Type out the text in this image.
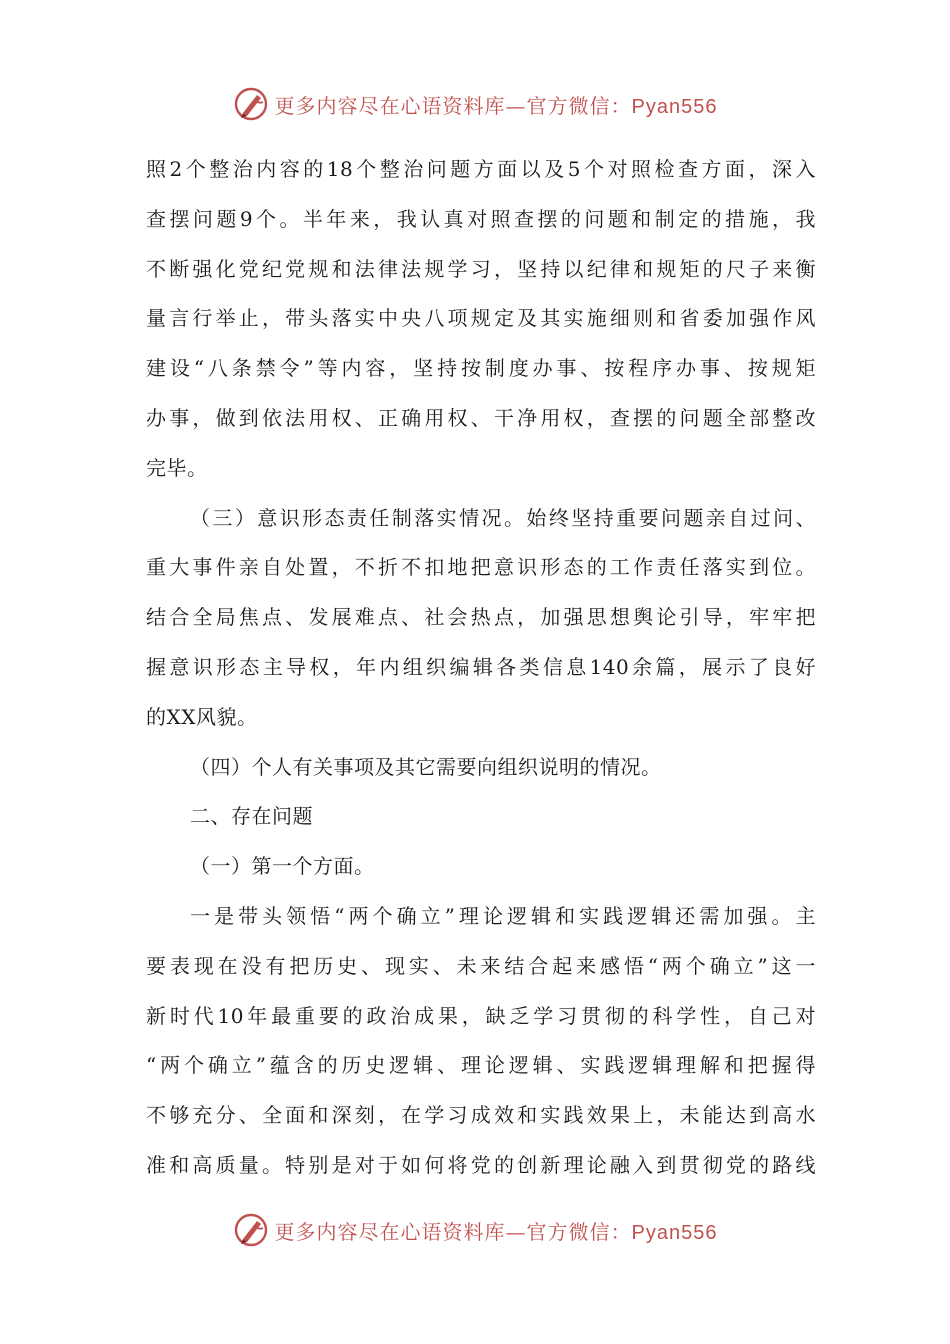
更多内容尽在心语资料库—官方微信：Pyan556
照2个整治内容的18个整治问题方面以及5个对照检查方面，深入
查摆问题9个。半年来，我认真对照查摆的问题和制定的措施，我
不断强化党纪党规和法律法规学习，坚持以纪律和规矩的尺子来衡
量言行举止，带头落实中央八项规定及其实施细则和省委加强作风
建设“八条禁令”等内容，坚持按制度办事、按程序办事、按规矩
办事，做到依法用权、正确用权、干净用权，查摆的问题全部整改
完毕。
（三）意识形态责任制落实情况。始终坚持重要问题亲自过问、
重大事件亲自处置，不折不扣地把意识形态的工作责任落实到位。
结合全局焦点、发展难点、社会热点，加强思想舆论引导，牢牢把
握意识形态主导权，年内组织编辑各类信息140余篇，展示了良好
的XX风貌。
（四）个人有关事项及其它需要向组织说明的情况。
二、存在问题
（一）第一个方面。
一是带头领悟“两个确立”理论逻辑和实践逻辑还需加强。主
要表现在没有把历史、现实、未来结合起来感悟“两个确立”这一
新时代10年最重要的政治成果，缺乏学习贯彻的科学性，自己对
“两个确立”蕴含的历史逻辑、理论逻辑、实践逻辑理解和把握得
不够充分、全面和深刻，在学习成效和实践效果上，未能达到高水
准和高质量。特别是对于如何将党的创新理论融入到贯彻党的路线
更多内容尽在心语资料库—官方微信：Pyan556
